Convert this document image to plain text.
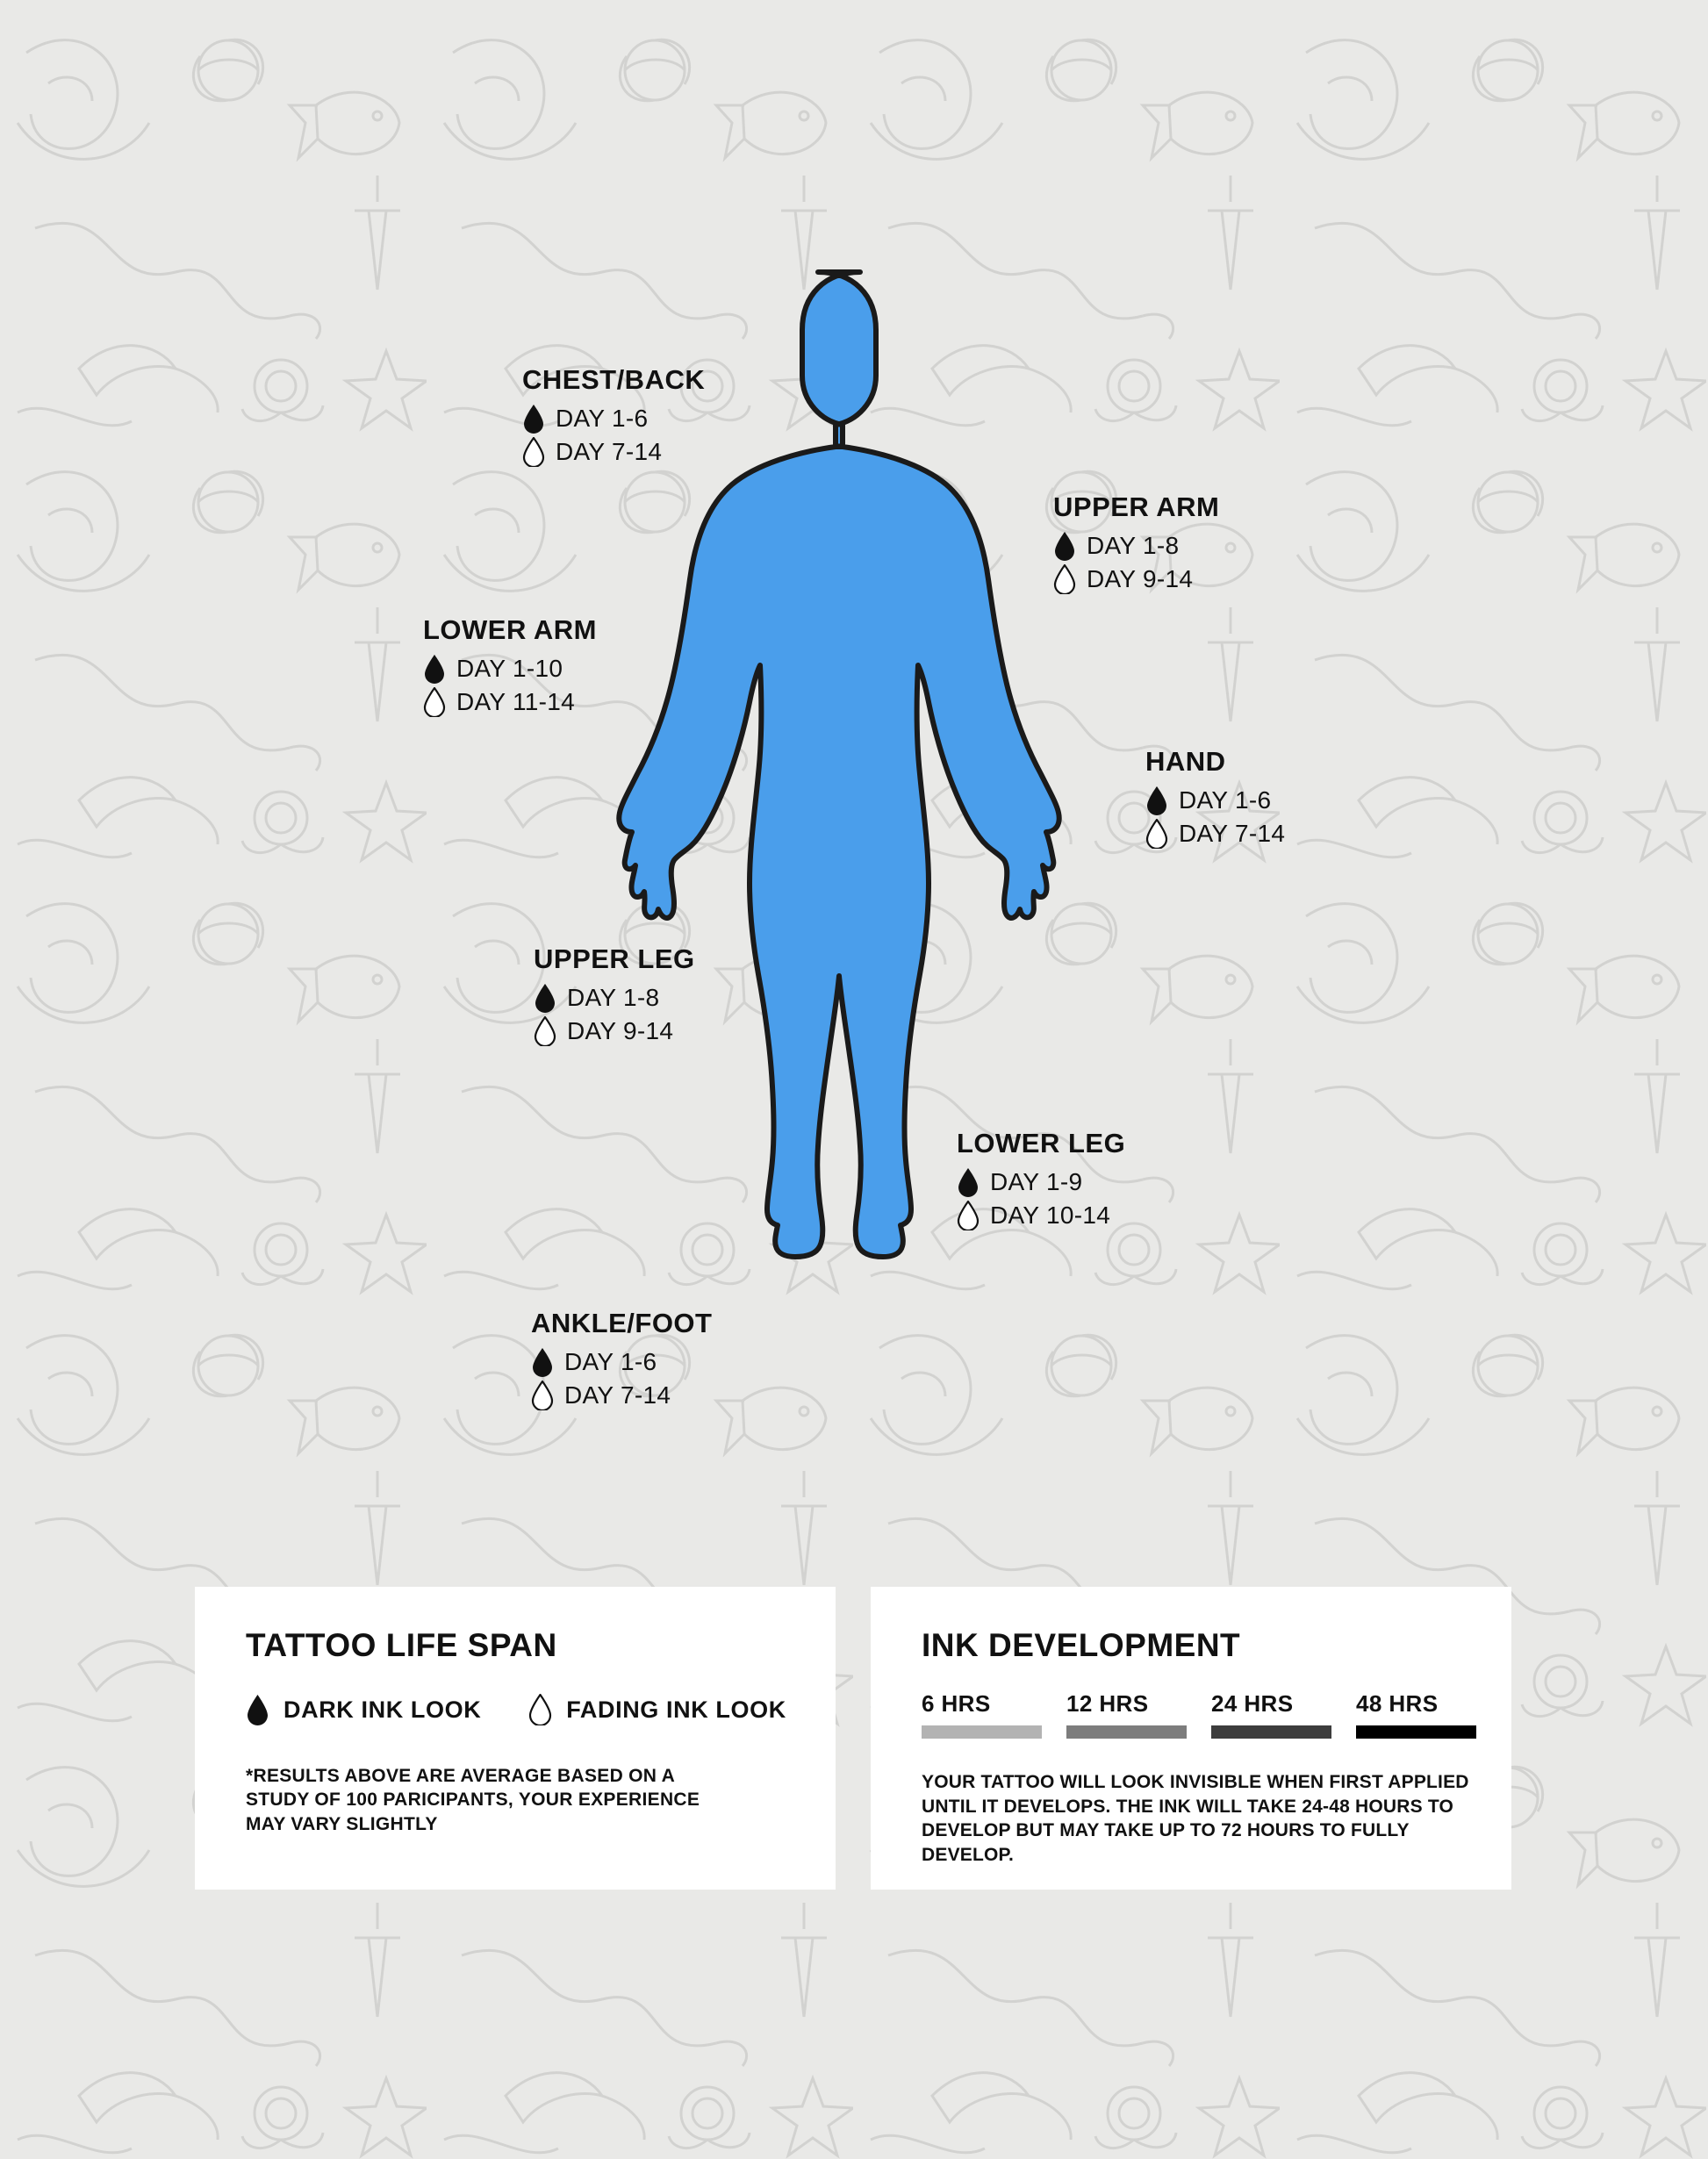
CHEST/BACK
DAY 1-6
DAY 7-14
UPPER ARM
DAY 1-8
DAY 9-14
LOWER ARM
DAY 1-10
DAY 11-14
HAND
DAY 1-6
DAY 7-14
UPPER LEG
DAY 1-8
DAY 9-14
LOWER LEG
DAY 1-9
DAY 10-14
ANKLE/FOOT
DAY 1-6
DAY 7-14
TATTOO LIFE SPAN
DARK INK LOOK	FADING INK LOOK
*RESULTS ABOVE ARE AVERAGE BASED ON A STUDY OF 100 PARICIPANTS, YOUR EXPERIENCE MAY VARY SLIGHTLY
INK DEVELOPMENT
6 HRS	12 HRS	24 HRS	48 HRS
YOUR TATTOO WILL LOOK INVISIBLE WHEN FIRST APPLIED UNTIL IT DEVELOPS. THE INK WILL TAKE 24-48 HOURS TO DEVELOP BUT MAY TAKE UP TO 72 HOURS TO FULLY DEVELOP.
